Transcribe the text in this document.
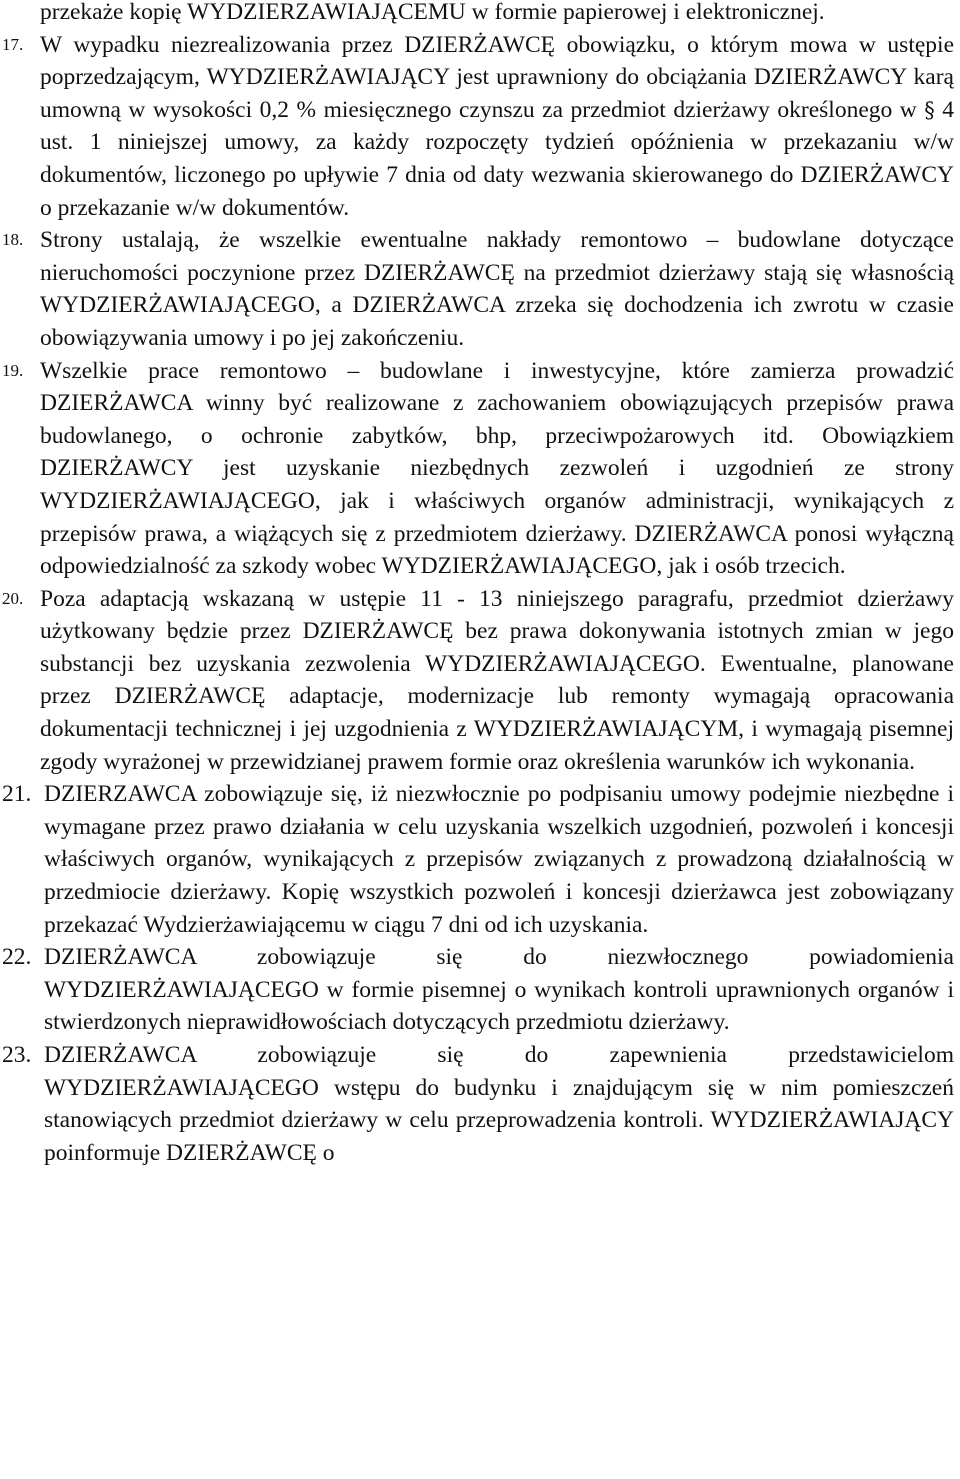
przekaże kopię WYDZIERZAWIAJĄCEMU w formie papierowej i elektronicznej.

17. W wypadku niezrealizowania przez DZIERŻAWCĘ obowiązku, o którym mowa w ustępie poprzedzającym, WYDZIERŻAWIAJĄCY jest uprawniony do obciążania DZIERŻAWCY karą umowną w wysokości 0,2 % miesięcznego czynszu za przedmiot dzierżawy określonego w § 4 ust. 1 niniejszej umowy, za każdy rozpoczęty tydzień opóźnienia w przekazaniu w/w dokumentów, liczonego po upływie 7 dnia od daty wezwania skierowanego do DZIERŻAWCY o przekazanie w/w dokumentów.

18. Strony ustalają, że wszelkie ewentualne nakłady remontowo – budowlane dotyczące nieruchomości poczynione przez DZIERŻAWCĘ na przedmiot dzierżawy stają się własnością WYDZIERŻAWIAJĄCEGO, a DZIERŻAWCA zrzeka się dochodzenia ich zwrotu w czasie obowiązywania umowy i po jej zakończeniu.

19. Wszelkie prace remontowo – budowlane i inwestycyjne, które zamierza prowadzić DZIERŻAWCA winny być realizowane z zachowaniem obowiązujących przepisów prawa budowlanego, o ochronie zabytków, bhp, przeciwpożarowych itd. Obowiązkiem DZIERŻAWCY jest uzyskanie niezbędnych zezwoleń i uzgodnień ze strony WYDZIERŻAWIAJĄCEGO, jak i właściwych organów administracji, wynikających z przepisów prawa, a wiążących się z przedmiotem dzierżawy. DZIERŻAWCA ponosi wyłączną odpowiedzialność za szkody wobec WYDZIERŻAWIAJĄCEGO, jak i osób trzecich.

20. Poza adaptacją wskazaną w ustępie 11 - 13 niniejszego paragrafu, przedmiot dzierżawy użytkowany będzie przez DZIERŻAWCĘ bez prawa dokonywania istotnych zmian w jego substancji bez uzyskania zezwolenia WYDZIERŻAWIAJĄCEGO. Ewentualne, planowane przez DZIERŻAWCĘ adaptacje, modernizacje lub remonty wymagają opracowania dokumentacji technicznej i jej uzgodnienia z WYDZIERŻAWIAJĄCYM, i wymagają pisemnej zgody wyrażonej w przewidzianej prawem formie oraz określenia warunków ich wykonania.

21. DZIERZAWCA zobowiązuje się, iż niezwłocznie po podpisaniu umowy podejmie niezbędne i wymagane przez prawo działania w celu uzyskania wszelkich uzgodnień, pozwoleń i koncesji właściwych organów, wynikających z przepisów związanych z prowadzoną działalnością w przedmiocie dzierżawy. Kopię wszystkich pozwoleń i koncesji dzierżawca jest zobowiązany przekazać Wydzierżawiającemu w ciągu 7 dni od ich uzyskania.

22. DZIERŻAWCA zobowiązuje się do niezwłocznego powiadomienia WYDZIERŻAWIAJĄCEGO w formie pisemnej o wynikach kontroli uprawnionych organów i stwierdzonych nieprawidłowościach dotyczących przedmiotu dzierżawy.

23. DZIERŻAWCA zobowiązuje się do zapewnienia przedstawicielom WYDZIERŻAWIAJĄCEGO wstępu do budynku i znajdującym się w nim pomieszczeń stanowiących przedmiot dzierżawy w celu przeprowadzenia kontroli. WYDZIERŻAWIAJĄCY poinformuje DZIERŻAWCĘ o
